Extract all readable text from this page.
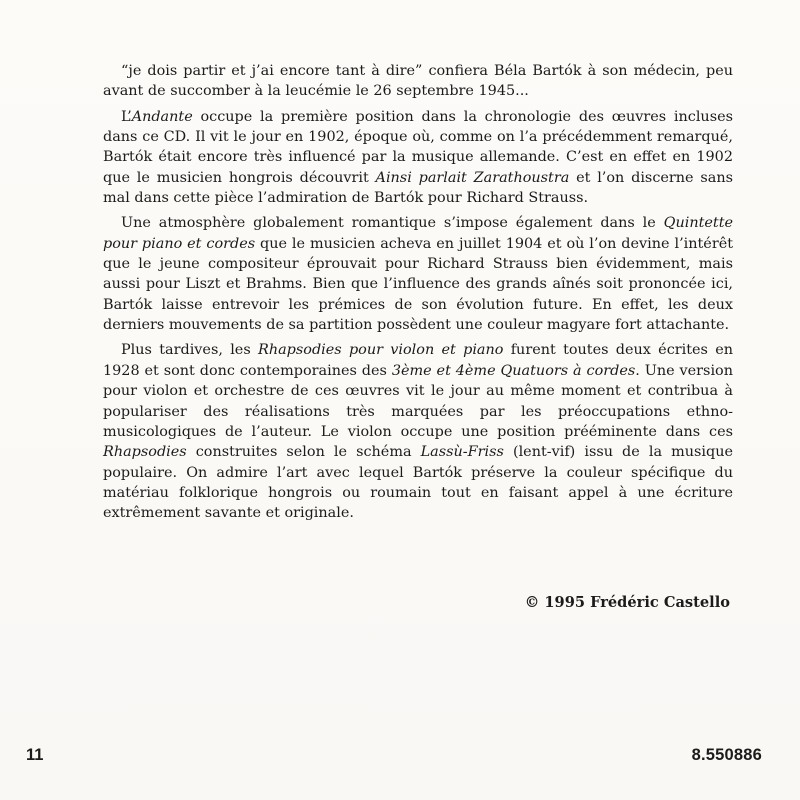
“je dois partir et j’ai encore tant à dire” confiera Béla Bartók à son médecin, peu avant de succomber à la leucémie le 26 septembre 1945...

L’Andante occupe la première position dans la chronologie des œuvres incluses dans ce CD. Il vit le jour en 1902, époque où, comme on l’a précédemment remarqué, Bartók était encore très influencé par la musique allemande. C’est en effet en 1902 que le musicien hongrois découvrit Ainsi parlait Zarathoustra et l’on discerne sans mal dans cette pièce l’admiration de Bartók pour Richard Strauss.

Une atmosphère globalement romantique s’impose également dans le Quintette pour piano et cordes que le musicien acheva en juillet 1904 et où l’on devine l’intérêt que le jeune compositeur éprouvait pour Richard Strauss bien évidemment, mais aussi pour Liszt et Brahms. Bien que l’influence des grands aînés soit prononcée ici, Bartók laisse entrevoir les prémices de son évolution future. En effet, les deux derniers mouvements de sa partition possèdent une couleur magyare fort attachante.

Plus tardives, les Rhapsodies pour violon et piano furent toutes deux écrites en 1928 et sont donc contemporaines des 3ème et 4ème Quatuors à cordes. Une version pour violon et orchestre de ces œuvres vit le jour au même moment et contribua à populariser des réalisations très marquées par les préoccupations ethno-musicologiques de l’auteur. Le violon occupe une position prééminente dans ces Rhapsodies construites selon le schéma Lassù-Friss (lent-vif) issu de la musique populaire. On admire l’art avec lequel Bartók préserve la couleur spécifique du matériau folklorique hongrois ou roumain tout en faisant appel à une écriture extrêmement savante et originale.

© 1995 Frédéric Castello
11	8.550886
